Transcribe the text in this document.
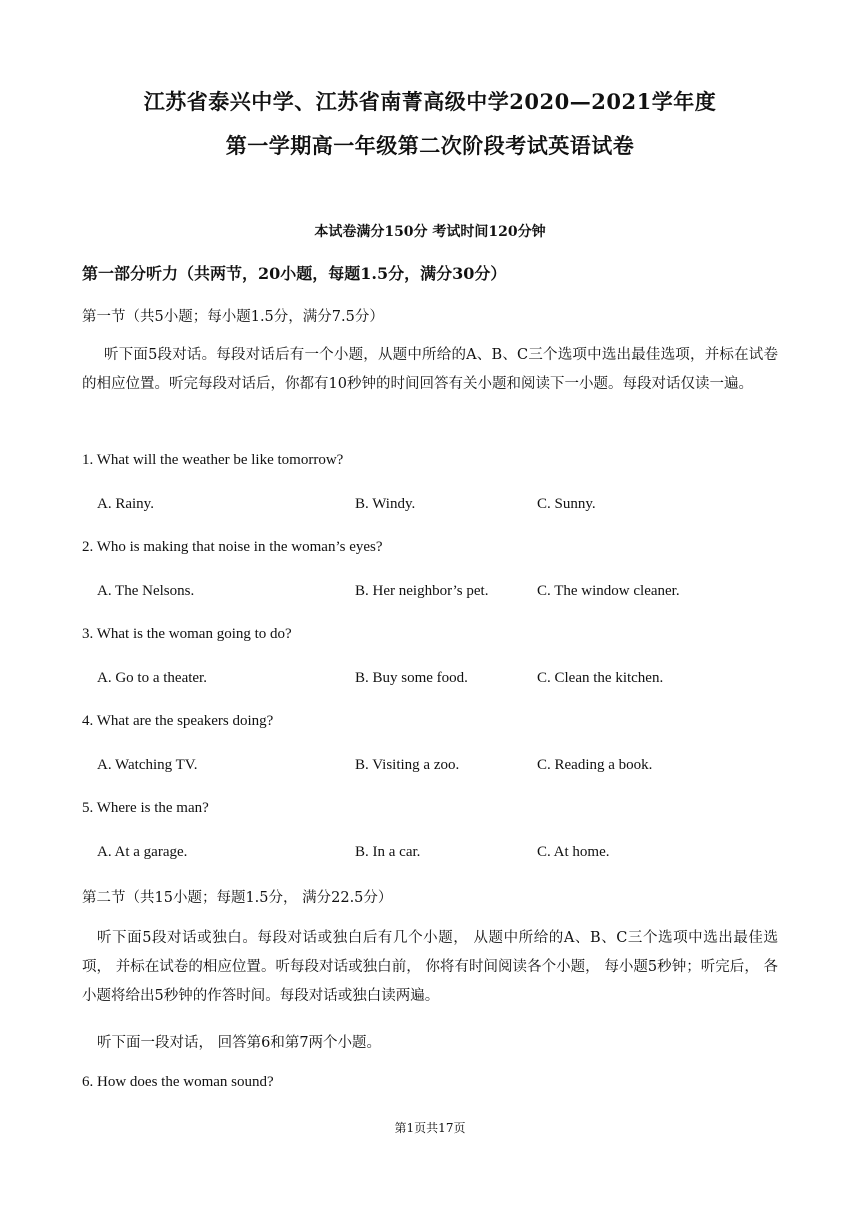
江苏省泰兴中学、江苏省南菁高级中学2020—2021学年度
第一学期高一年级第二次阶段考试英语试卷
本试卷满分150分 考试时间120分钟
第一部分听力（共两节，20小题，每题1.5分，满分30分）
第一节（共5小题；每小题1.5分，满分7.5分）
听下面5段对话。每段对话后有一个小题，从题中所给的A、B、C三个选项中选出最佳选项，并标在试卷的相应位置。听完每段对话后，你都有10秒钟的时间回答有关小题和阅读下一小题。每段对话仅读一遍。
1. What will the weather be like tomorrow?
A. Rainy.	B. Windy.	C. Sunny.
2. Who is making that noise in the woman’s eyes?
A. The Nelsons.	B. Her neighbor’s pet.	C. The window cleaner.
3. What is the woman going to do?
A. Go to a theater.	B. Buy some food.	C. Clean the kitchen.
4. What are the speakers doing?
A. Watching TV.	B. Visiting a zoo.	C. Reading a book.
5. Where is the man?
A. At a garage.	B. In a car.	C. At home.
第二节（共15小题；每题1.5分， 满分22.5分）
听下面5段对话或独白。每段对话或独白后有几个小题， 从题中所给的A、B、C三个选项中选出最佳选项， 并标在试卷的相应位置。听每段对话或独白前， 你将有时间阅读各个小题， 每小题5秒钟；听完后， 各小题将给出5秒钟的作答时间。每段对话或独白读两遍。
听下面一段对话， 回答第6和第7两个小题。
6. How does the woman sound?
第1页共17页
